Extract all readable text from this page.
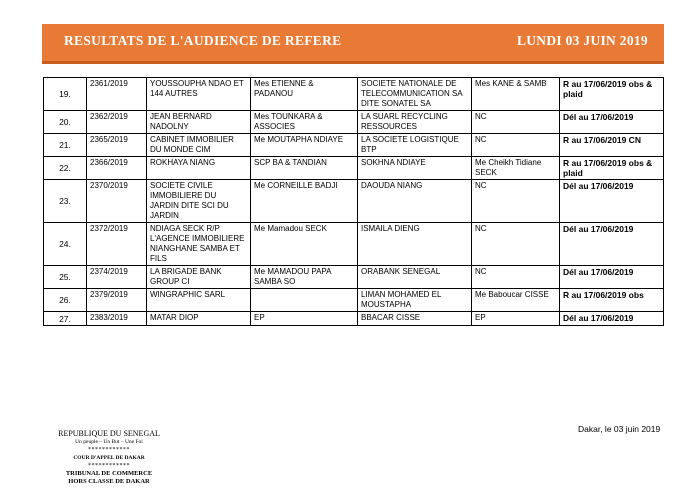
RESULTATS DE L'AUDIENCE DE REFERE	LUNDI 03 JUIN 2019
19.	2361/2019	YOUSSOUPHA NDAO ET 144 AUTRES	Mes ETIENNE & PADANOU	SOCIETE NATIONALE DE TELECOMMUNICATION SA DITE SONATEL SA	Mes KANE & SAMB	R au 17/06/2019 obs & plaid
20.	2362/2019	JEAN BERNARD NADOLNY	Mes TOUNKARA & ASSOCIES	LA SUARL RECYCLING RESSOURCES	NC	Dél au 17/06/2019
21.	2365/2019	CABINET IMMOBILIER DU MONDE CIM	Me MOUTAPHA NDIAYE	LA SOCIETE LOGISTIQUE BTP	NC	R au 17/06/2019 CN
22.	2366/2019	ROKHAYA NIANG	SCP BA & TANDIAN	SOKHNA NDIAYE	Me Cheikh Tidiane SECK	R au 17/06/2019 obs & plaid
23.	2370/2019	SOCIETE CIVILE IMMOBILIERE DU JARDIN DITE SCI DU JARDIN	Me CORNEILLE BADJI	DAOUDA NIANG	NC	Dél au 17/06/2019
24.	2372/2019	NDIAGA SECK R/P L'AGENCE IMMOBILIERE NIANGHANE SAMBA ET FILS	Me Mamadou SECK	ISMAILA DIENG	NC	Dél au 17/06/2019
25.	2374/2019	LA BRIGADE BANK GROUP CI	Me MAMADOU PAPA SAMBA SO	ORABANK SENEGAL	NC	Dél au 17/06/2019
26.	2379/2019	WINGRAPHIC SARL		LIMAN MOHAMED EL MOUSTAPHA	Me Baboucar CISSE	R au 17/06/2019 obs
27.	2383/2019	MATAR DIOP	EP	BBACAR CISSE	EP	Dél au 17/06/2019
Dakar, le 03 juin 2019
REPUBLIQUE DU SENEGAL
Un peuple – Un But – Une Foi
************
COUR D'APPEL DE DAKAR
************
TRIBUNAL DE COMMERCE
HORS CLASSE DE DAKAR
